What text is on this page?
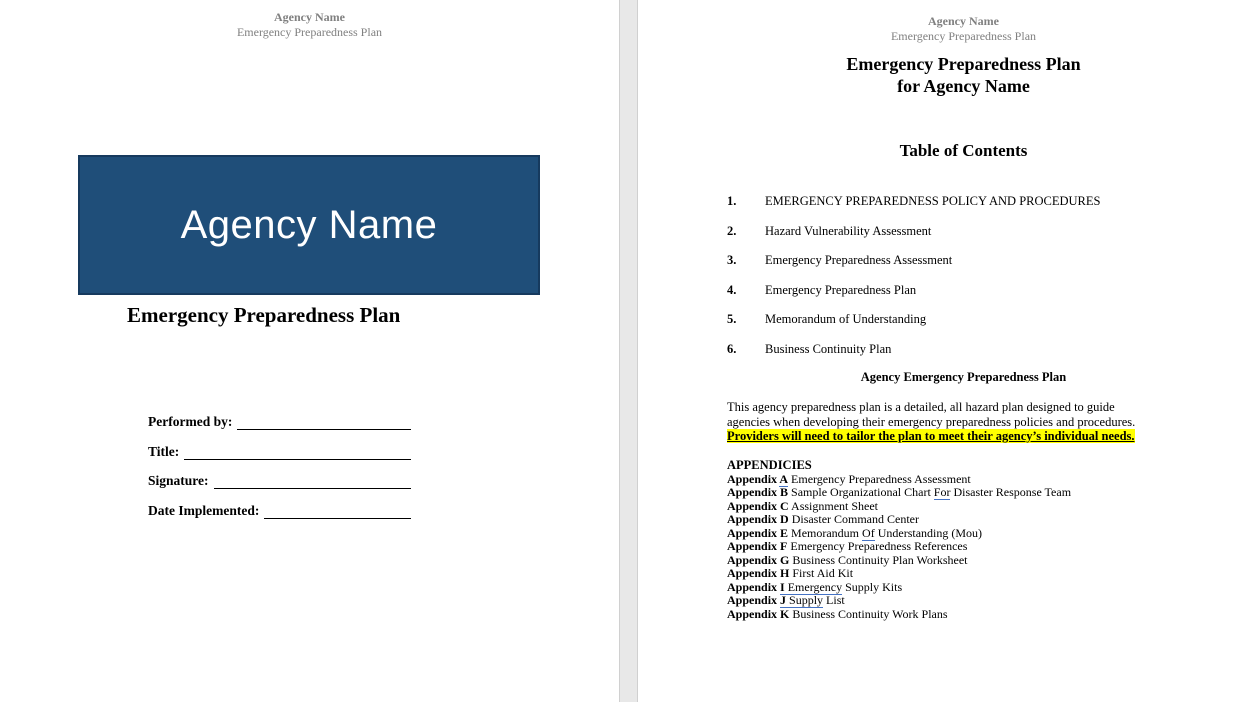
Agency Name
Emergency Preparedness Plan
Agency Name
Emergency Preparedness Plan
Performed by:
Title:
Signature:
Date Implemented:
Agency Name
Emergency Preparedness Plan
Emergency Preparedness Plan
for Agency Name
Table of Contents
1.	EMERGENCY PREPAREDNESS POLICY AND PROCEDURES
2.	Hazard Vulnerability Assessment
3.	Emergency Preparedness Assessment
4.	Emergency Preparedness Plan
5.	Memorandum of Understanding
6.	Business Continuity Plan
Agency Emergency Preparedness Plan
This agency preparedness plan is a detailed, all hazard plan designed to guide agencies when developing their emergency preparedness policies and procedures.
Providers will need to tailor the plan to meet their agency’s individual needs.
APPENDICIES
Appendix A Emergency Preparedness Assessment
Appendix B Sample Organizational Chart For Disaster Response Team
Appendix C Assignment Sheet
Appendix D Disaster Command Center
Appendix E Memorandum Of Understanding (Mou)
Appendix F Emergency Preparedness References
Appendix G Business Continuity Plan Worksheet
Appendix H First Aid Kit
Appendix I Emergency Supply Kits
Appendix J Supply List
Appendix K Business Continuity Work Plans
